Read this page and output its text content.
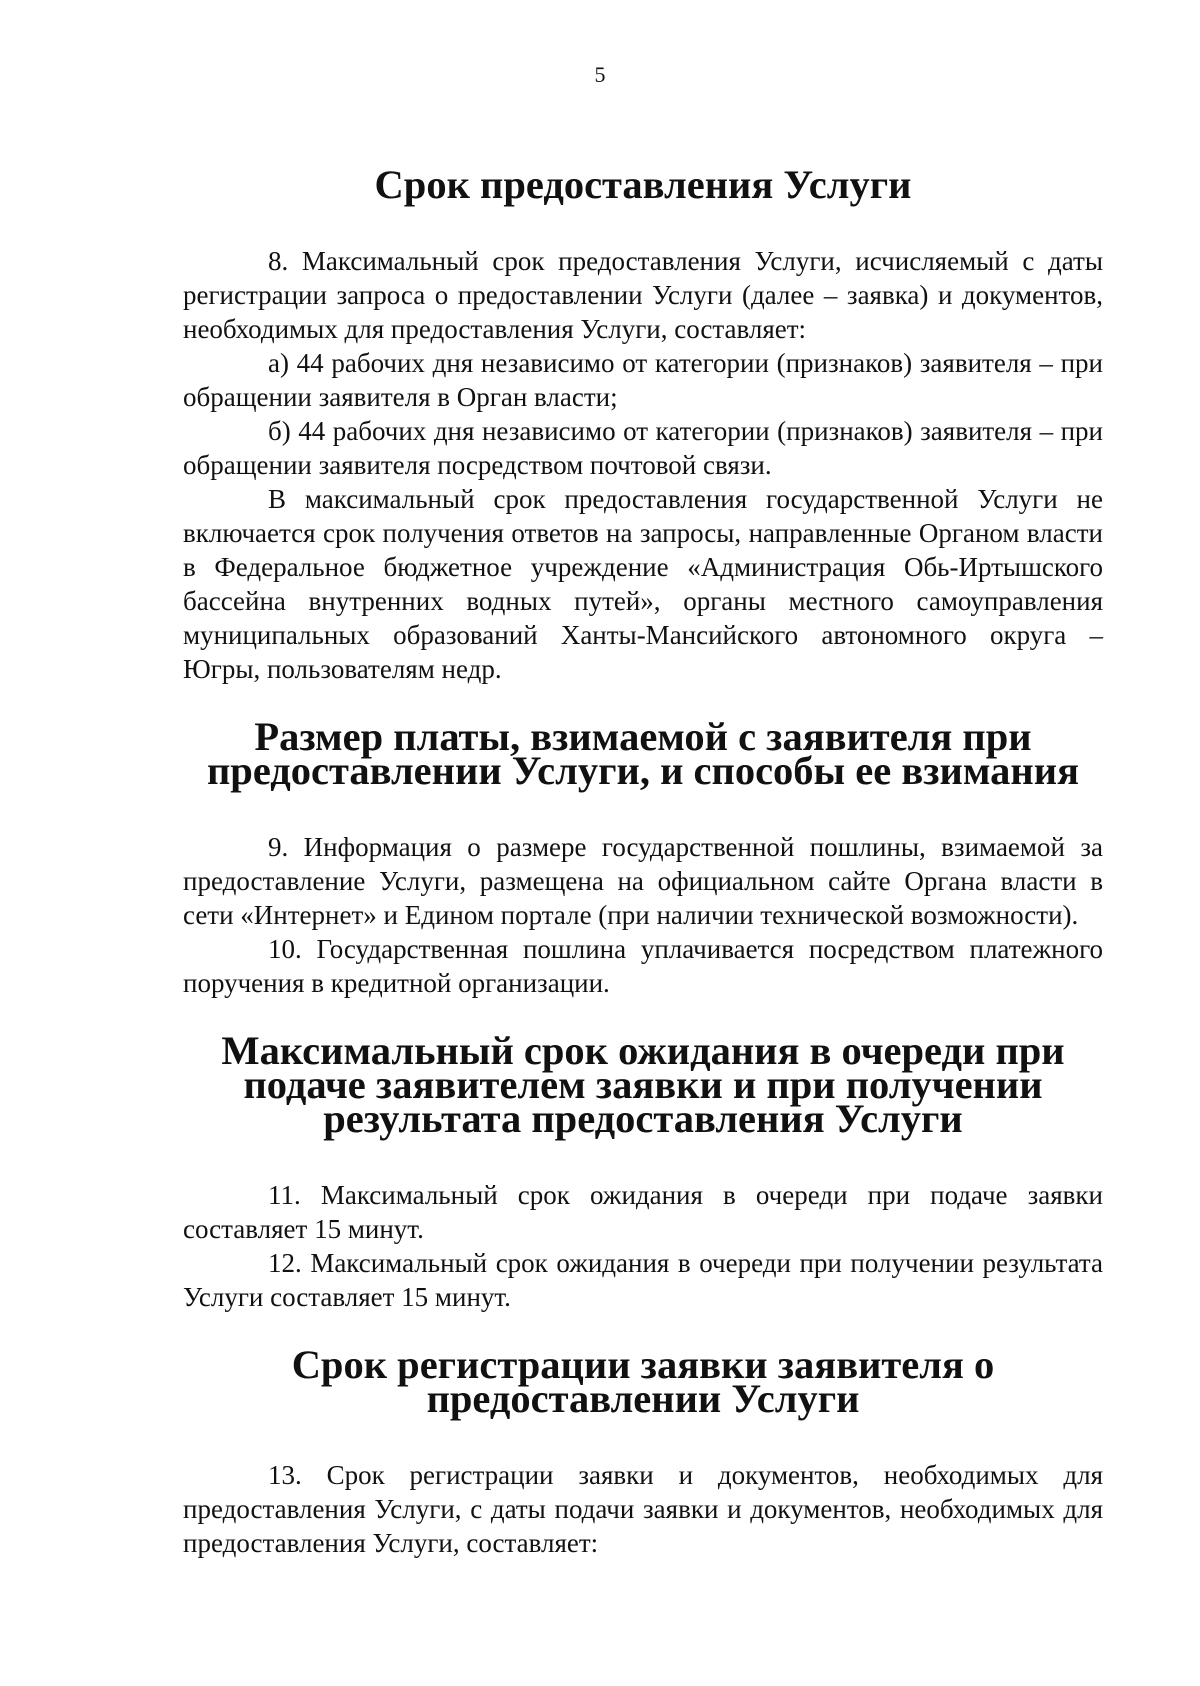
5
Срок предоставления Услуги

8. Максимальный срок предоставления Услуги, исчисляемый с даты регистрации запроса о предоставлении Услуги (далее – заявка) и документов, необходимых для предоставления Услуги, составляет:

а) 44 рабочих дня независимо от категории (признаков) заявителя – при обращении заявителя в Орган власти;

б) 44 рабочих дня независимо от категории (признаков) заявителя – при обращении заявителя посредством почтовой связи.

В максимальный срок предоставления государственной Услуги не включается срок получения ответов на запросы, направленные Органом власти в Федеральное бюджетное учреждение «Администрация Обь-Иртышского бассейна внутренних водных путей», органы местного самоуправления муниципальных образований Ханты-Мансийского автономного округа – Югры, пользователям недр.

Размер платы, взимаемой с заявителя при предоставлении Услуги, и способы ее взимания

9. Информация о размере государственной пошлины, взимаемой за предоставление Услуги, размещена на официальном сайте Органа власти в сети «Интернет» и Едином портале (при наличии технической возможности).

10. Государственная пошлина уплачивается посредством платежного поручения в кредитной организации.

Максимальный срок ожидания в очереди при подаче заявителем заявки и при получении результата предоставления Услуги

11. Максимальный срок ожидания в очереди при подаче заявки составляет 15 минут.

12. Максимальный срок ожидания в очереди при получении результата Услуги составляет 15 минут.

Срок регистрации заявки заявителя о предоставлении Услуги

13. Срок регистрации заявки и документов, необходимых для предоставления Услуги, с даты подачи заявки и документов, необходимых для предоставления Услуги, составляет:
